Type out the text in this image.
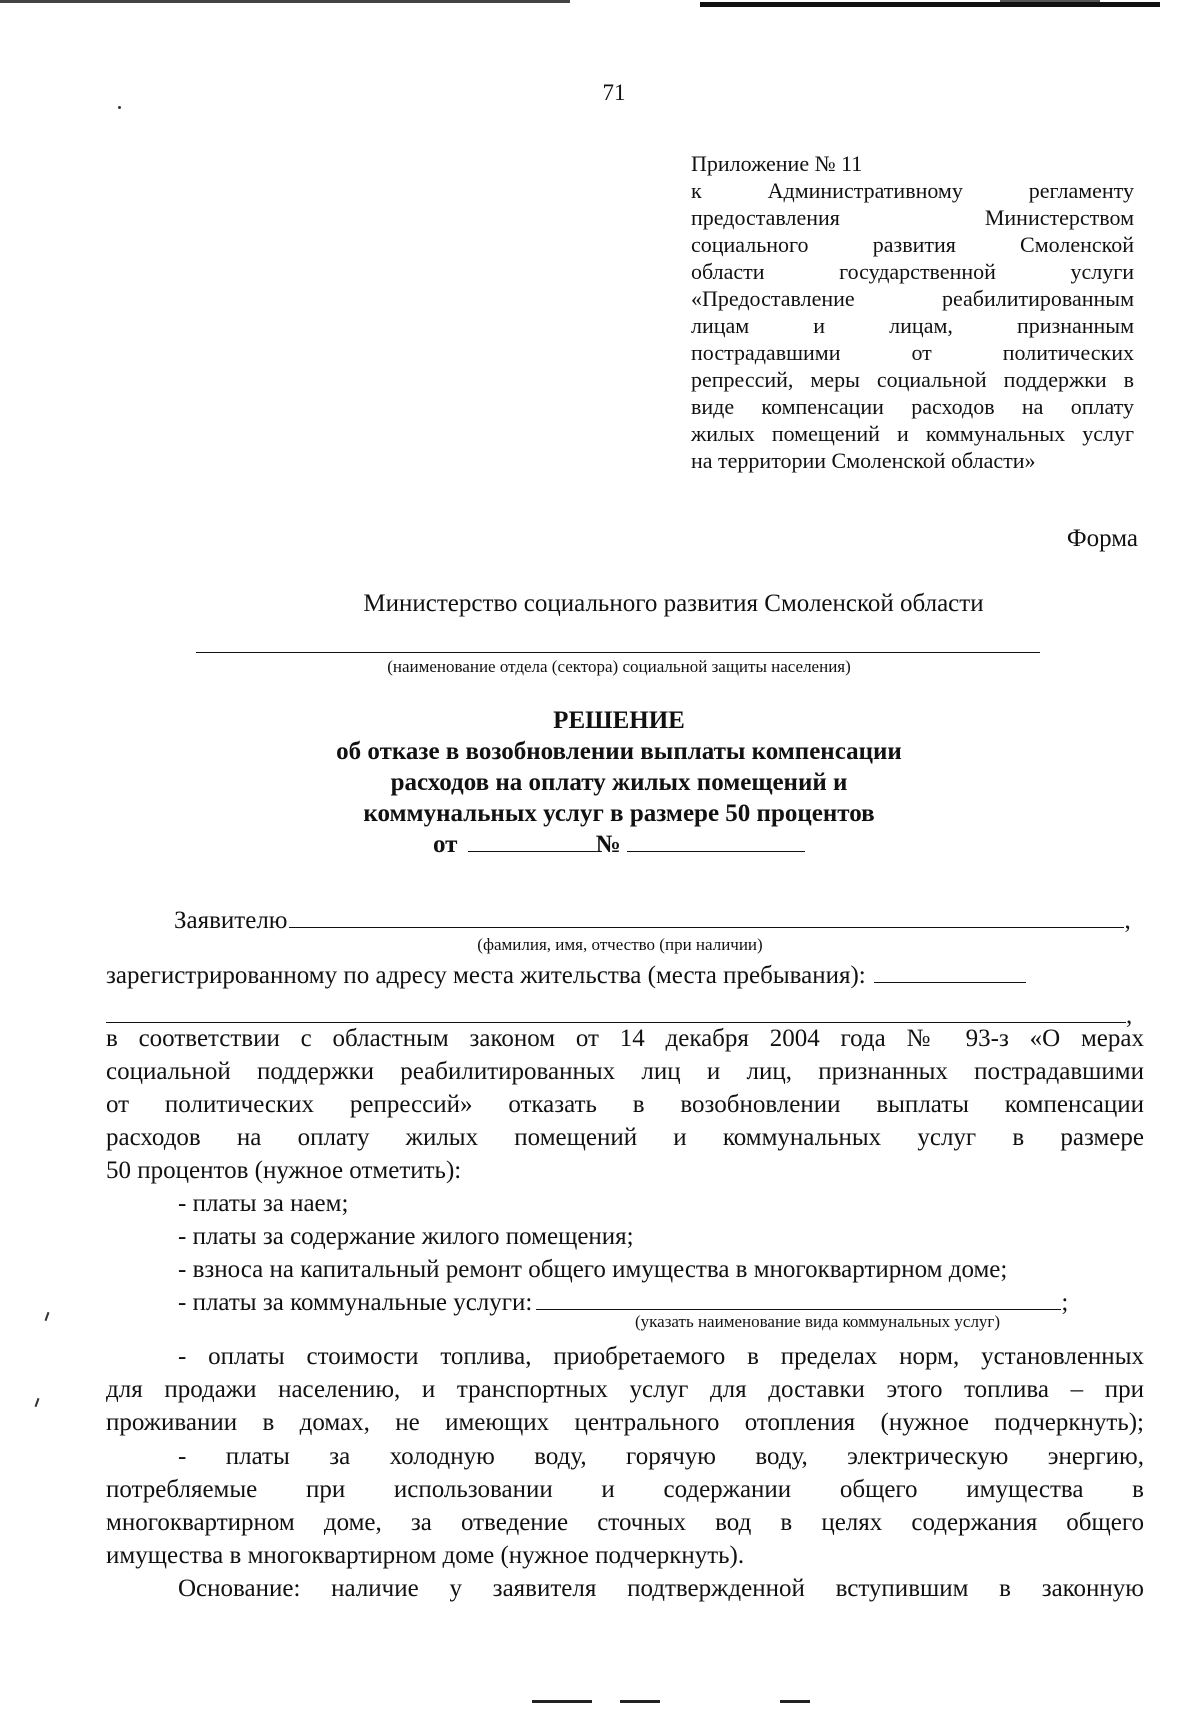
71
Приложение № 11
к Административному регламенту
предоставления Министерством
социального развития Смоленской
области государственной услуги
«Предоставление реабилитированным
лицам и лицам, признанным
пострадавшими от политических
репрессий, меры социальной поддержки в
виде компенсации расходов на оплату
жилых помещений и коммунальных услуг
на территории Смоленской области»
Форма
Министерство социального развития Смоленской области
(наименование отдела (сектора) социальной защиты населения)
РЕШЕНИЕ
об отказе в возобновлении выплаты компенсации
расходов на оплату жилых помещений и
коммунальных услуг в размере 50 процентов
от	№
Заявителю	,
(фамилия, имя, отчество (при наличии)
зарегистрированному по адресу места жительства (места пребывания):
,
в соответствии с областным законом от 14 декабря 2004 года № 93-з «О мерах
социальной поддержки реабилитированных лиц и лиц, признанных пострадавшими
от политических репрессий» отказать в возобновлении выплаты компенсации
расходов на оплату жилых помещений и коммунальных услуг в размере
50 процентов (нужное отметить):
- платы за наем;
- платы за содержание жилого помещения;
- взноса на капитальный ремонт общего имущества в многоквартирном доме;
- платы за коммунальные услуги:	;
(указать наименование вида коммунальных услуг)
- оплаты стоимости топлива, приобретаемого в пределах норм, установленных
для продажи населению, и транспортных услуг для доставки этого топлива – при
проживании в домах, не имеющих центрального отопления (нужное подчеркнуть);
- платы за холодную воду, горячую воду, электрическую энергию,
потребляемые при использовании и содержании общего имущества в
многоквартирном доме, за отведение сточных вод в целях содержания общего
имущества в многоквартирном доме (нужное подчеркнуть).
Основание: наличие у заявителя подтвержденной вступившим в законную
